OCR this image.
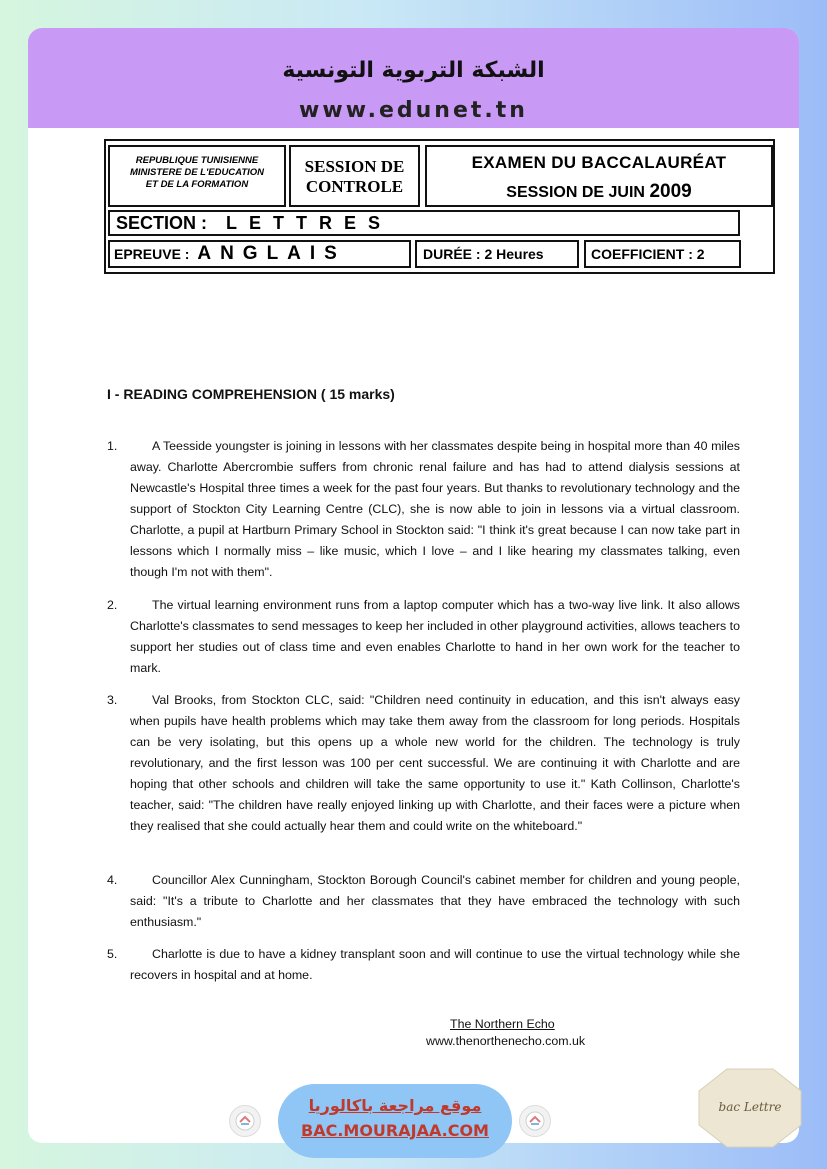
الشبكة التربوية التونسية
www.edunet.tn
REPUBLIQUE TUNISIENNE
MINISTERE DE L'EDUCATION
ET DE LA FORMATION
SESSION DE
CONTROLE
EXAMEN DU BACCALAURÉAT
SESSION DE JUIN 2009
SECTION : LETTRES
EPREUVE : ANGLAIS	DURÉE : 2 Heures	COEFFICIENT : 2
I - READING COMPREHENSION ( 15 marks)
1.	A Teesside youngster is joining in lessons with her classmates despite being in hospital more than 40 miles away. Charlotte Abercrombie suffers from chronic renal failure and has had to attend dialysis sessions at Newcastle's Hospital three times a week for the past four years. But thanks to revolutionary technology and the support of Stockton City Learning Centre (CLC), she is now able to join in lessons via a virtual classroom. Charlotte, a pupil at Hartburn Primary School in Stockton said: "I think it's great because I can now take part in lessons which I normally miss – like music, which I love – and I like hearing my classmates talking, even though I'm not with them".
2.	The virtual learning environment runs from a laptop computer which has a two-way live link. It also allows Charlotte's classmates to send messages to keep her included in other playground activities, allows teachers to support her studies out of class time and even enables Charlotte to hand in her own work for the teacher to mark.
3.	Val Brooks, from Stockton CLC, said: "Children need continuity in education, and this isn't always easy when pupils have health problems which may take them away from the classroom for long periods. Hospitals can be very isolating, but this opens up a whole new world for the children. The technology is truly revolutionary, and the first lesson was 100 per cent successful. We are continuing it with Charlotte and are hoping that other schools and children will take the same opportunity to use it." Kath Collinson, Charlotte's teacher, said: "The children have really enjoyed linking up with Charlotte, and their faces were a picture when they realised that she could actually hear them and could write on the whiteboard."
4.	Councillor Alex Cunningham, Stockton Borough Council's cabinet member for children and young people, said: "It's a tribute to Charlotte and her classmates that they have embraced the technology with such enthusiasm."
5.	Charlotte is due to have a kidney transplant soon and will continue to use the virtual technology while she recovers in hospital and at home.
The Northern Echo
www.thenorthenecho.com.uk
موقع مراجعة باكالوريا
BAC.MOURAJAA.COM
bac Lettre
